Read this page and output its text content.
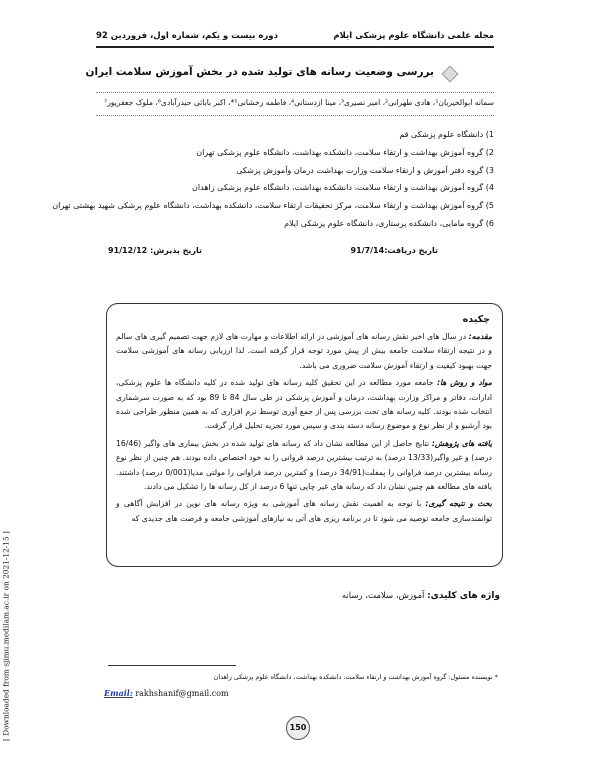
مجله علمی دانشگاه علوم پزشکی ایلام
دوره بیست و یکم، شماره اول، فروردین 92
بررسی وضعیت رسانه های تولید شده در بخش آموزش سلامت ایران
سمانه ابوالخیریان¹، هادی طهرانی²، امیر نصیری³، مینا ازدستانی⁴، فاطمه رخشانی⁵*، اکبر بابائی حیدرآبادی⁶، ملوک جعفرپور⁷
1) دانشگاه علوم پزشکی قم
2) گروه آموزش بهداشت و ارتقاء سلامت، دانشکده بهداشت، دانشگاه علوم پزشکی تهران
3) گروه دفتر آموزش و ارتقاء سلامت وزارت بهداشت درمان وآموزش پزشکی
4) گروه آموزش بهداشت و ارتقاء سلامت، دانشکده بهداشت، دانشگاه علوم پزشکی زاهدان
5) گروه آموزش بهداشت و ارتقاء سلامت، مرکز تحقیقات ارتقاء سلامت، دانشکده بهداشت، دانشگاه علوم پزشکی شهید بهشتی تهران
6) گروه مامایی، دانشکده پرستاری، دانشگاه علوم پزشکی ایلام
تاریخ دریافت:91/7/14
تاریخ پذیرش: 91/12/12
چکیده

مقدمه: در سال های اخیر نقش رسانه های آموزشی در ارائه اطلاعات و مهارت های لازم جهت تصمیم گیری های سالم و در نتیجه ارتقاء سلامت جامعه بیش از پیش مورد توجه قرار گرفته است. لذا ارزیابی رسانه های آموزشی سلامت جهت بهبود کیفیت و ارتقاء آموزش سلامت ضروری می باشد.

مواد و روش ها: جامعه مورد مطالعه در این تحقیق کلیه رسانه های تولید شده در کلیه دانشگاه ها علوم پزشکی، ادارات، دفاتر و مراکز وزارت بهداشت، درمان و آموزش پزشکی در طی سال 84 تا 89 بود که به صورت سرشماری انتخاب شده بودند. کلیه رسانه های تحت بررسی پس از جمع آوری توسط نرم افزاری که به همین منظور طراحی شده بود آرشیو و از نظر نوع و موضوع رسانه دسته بندی و سپس مورد تجزیه تحلیل قرار گرفت.

یافته های پژوهش: نتایج حاصل از این مطالعه نشان داد که رسانه های تولید شده در بخش بیماری های واگیر (16/46 درصد) و غیر واگیر(13/33 درصد) به ترتیب بیشترین درصد فروانی را به خود اختصاص داده بودند. هم چنین از نظر نوع رسانه بیشترین درصد فراوانی را پمفلت(34/91 درصد) و کمترین درصد فراوانی را مولتی مدیا(0/001 درصد) داشتند. یافته های مطالعه هم چنین نشان داد که رسانه های غیر چاپی تنها 6 درصد از کل رسانه ها را تشکیل می دادند.

بحث و نتیجه گیری: با توجه به اهمیت نقش رسانه های آموزشی به ویژه رسانه های نوین در افزایش آگاهی و توانمندسازی جامعه توصیه می شود تا در برنامه ریزی های آتی به نیازهای آموزشی جامعه و فرصت های جدیدی که

واژه های کلیدی: آموزش، سلامت، رسانه
* نویسنده مسئول: گروه آموزش بهداشت و ارتقاء سلامت، دانشکده بهداشت، دانشگاه علوم پزشکی زاهدان
Email: rakhshanif@gmail.com
[ Downloaded from sjimu.medilam.ac.ir on 2021-12-15 ]	150
